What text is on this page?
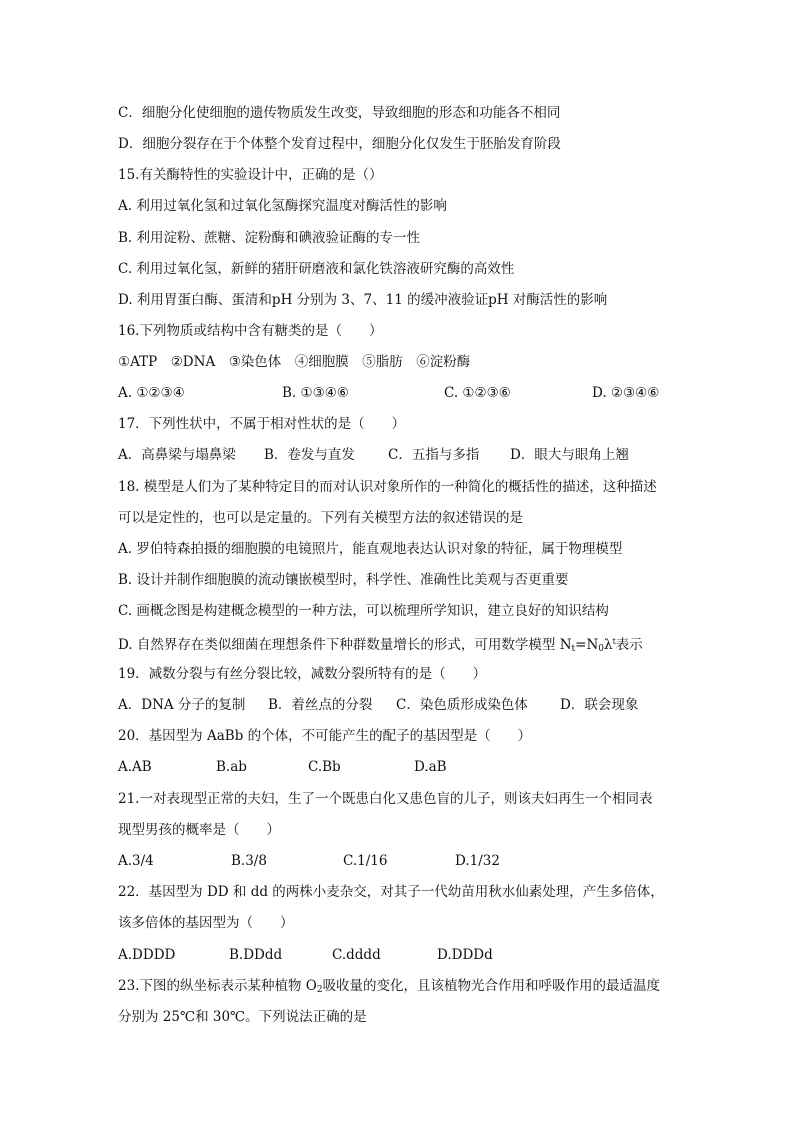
C．细胞分化使细胞的遗传物质发生改变，导致细胞的形态和功能各不相同
D．细胞分裂存在于个体整个发育过程中，细胞分化仅发生于胚胎发育阶段
15.有关酶特性的实验设计中，正确的是（）
A. 利用过氧化氢和过氧化氢酶探究温度对酶活性的影响
B. 利用淀粉、蔗糖、淀粉酶和碘液验证酶的专一性
C. 利用过氧化氢，新鲜的猪肝研磨液和氯化铁溶液研究酶的高效性
D. 利用胃蛋白酶、蛋清和pH 分别为 3、7、11 的缓冲液验证pH 对酶活性的影响
16.下列物质或结构中含有糖类的是（　　）
①ATP　②DNA　③染色体　④细胞膜　⑤脂肪　⑥淀粉酶
A. ①②③④	B. ①③④⑥	C. ①②③⑥	D. ②③④⑥
17．下列性状中，不属于相对性状的是（　　）
A．高鼻梁与塌鼻梁 B．卷发与直发 C．五指与多指 D．眼大与眼角上翘
18. 模型是人们为了某种特定目的而对认识对象所作的一种简化的概括性的描述，这种描述
可以是定性的，也可以是定量的。下列有关模型方法的叙述错误的是
A. 罗伯特森拍摄的细胞膜的电镜照片，能直观地表达认识对象的特征，属于物理模型
B. 设计并制作细胞膜的流动镶嵌模型时，科学性、准确性比美观与否更重要
C. 画概念图是构建概念模型的一种方法，可以梳理所学知识，建立良好的知识结构
D. 自然界存在类似细菌在理想条件下种群数量增长的形式，可用数学模型 $N_t=N_0\lambda^t$表示
19．减数分裂与有丝分裂比较，减数分裂所特有的是（　　）
A．DNA 分子的复制 B．着丝点的分裂 C．染色质形成染色体 D．联会现象
20．基因型为 AaBb 的个体，不可能产生的配子的基因型是（　　）
A.AB	B.ab	C.Bb	D.aB
21.一对表现型正常的夫妇，生了一个既患白化又患色盲的儿子，则该夫妇再生一个相同表
现型男孩的概率是（　　）
A.3/4	B.3/8	C.1/16	D.1/32
22．基因型为 DD 和 dd 的两株小麦杂交，对其子一代幼苗用秋水仙素处理，产生多倍体，
该多倍体的基因型为（　　）
A.DDDD	B.DDdd	C.dddd	D.DDDd
23.下图的纵坐标表示某种植物 $O_2$吸收量的变化，且该植物光合作用和呼吸作用的最适温度
分别为 25℃和 30℃。下列说法正确的是
